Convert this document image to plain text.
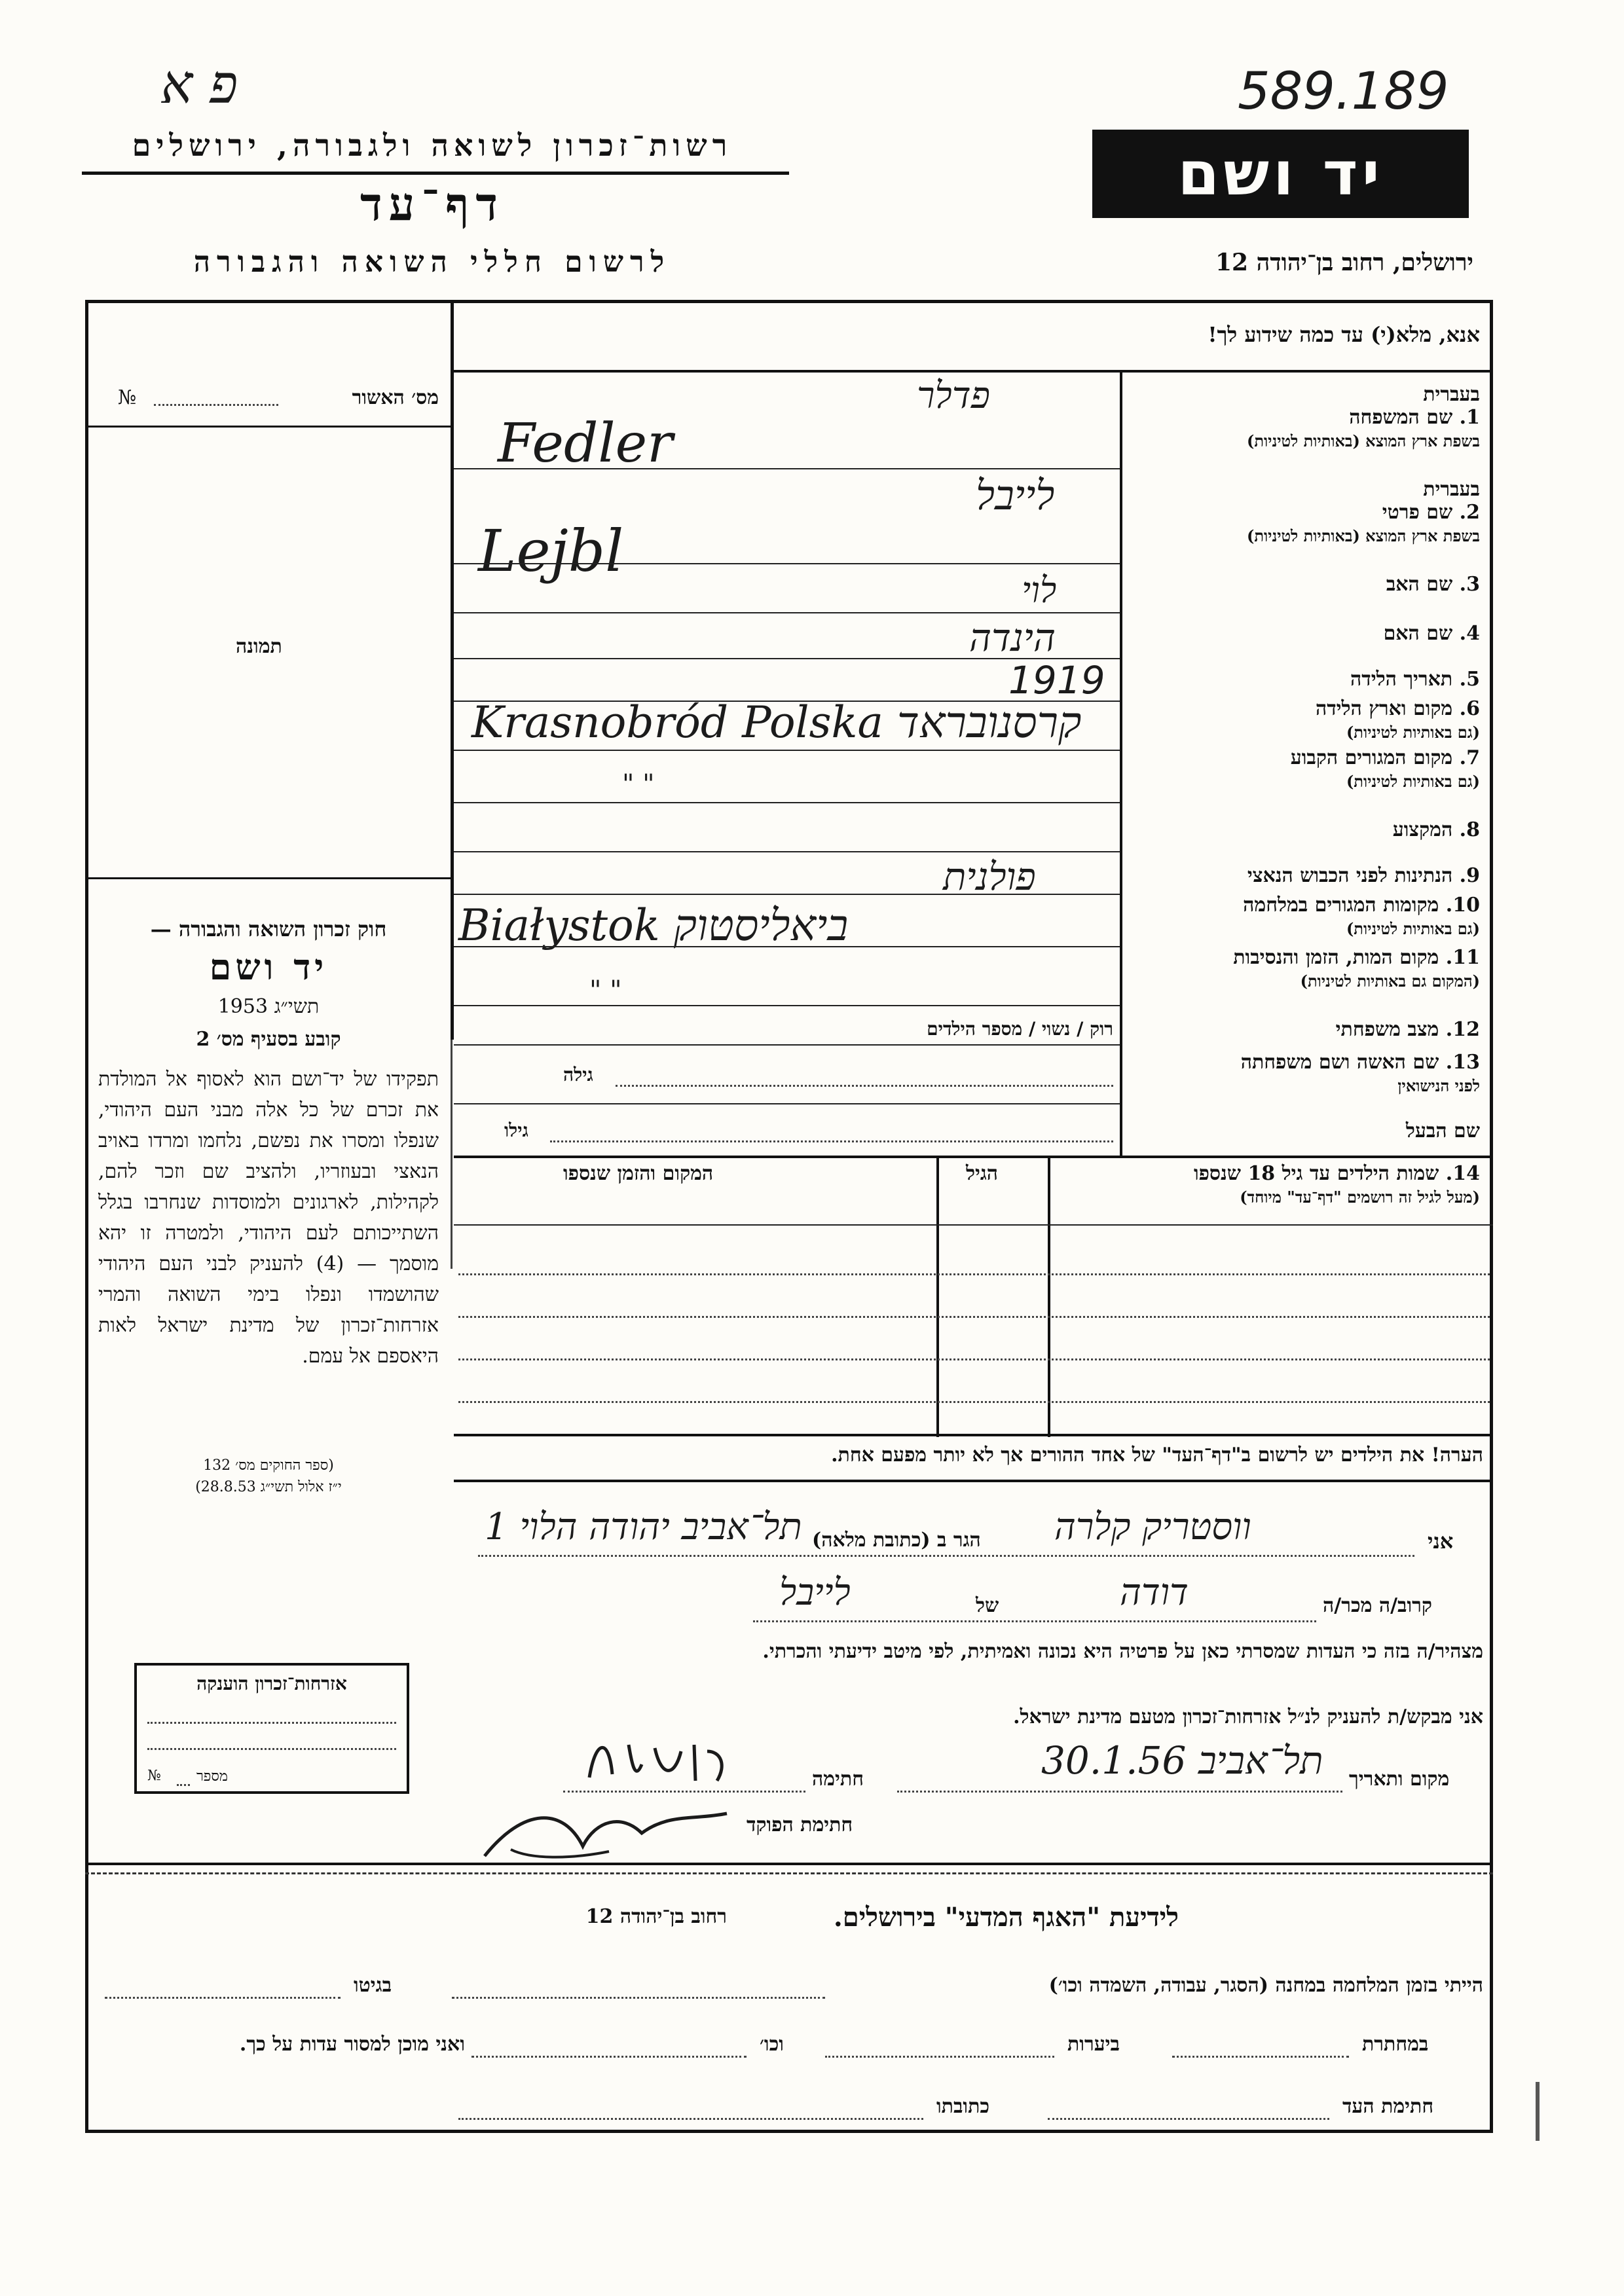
פ א	589.189
רשות־זכרון לשואה ולגבורה, ירושלים
דף־עד
לרשום חללי השואה והגבורה
יד ושם
ירושלים, רחוב בן־יהודה 12
אנא, מלא(י) עד כמה שידוע לך!
מס׳ האשור
№
תמונה
בעברית
1. שם המשפחה
בשפת ארץ המוצא (באותיות לטיניות)
פדלר
Fedler
בעברית
2. שם פרטי
בשפת ארץ המוצא (באותיות לטיניות)
לייבל
Lejbl	3. שם האב
לוי
4. שם האם
הינדה
5. תאריך הלידה
1919
6. מקום וארץ הלידה
(גם באותיות לטיניות)
Krasnobród Polska קרסנובראד
7. מקום המגורים הקבוע
(גם באותיות לטיניות)
" "
8. המקצוע
9. הנתינות לפני הכבוש הנאצי
פולנית
10. מקומות המגורים במלחמה
(גם באותיות לטיניות)
Białystok ביאליסטוק
11. מקום המות, הזמן והנסיבות
(המקום גם באותיות לטיניות)
" "
12. מצב משפחתי
רוק / נשוי / מספר הילדים
13. שם האשה ושם משפחתה
לפני הנישואין
גילה
שם הבעל
גילו
14. שמות הילדים עד גיל 18 שנספו
(מעל לגיל זה רושמים "דף־עד" מיוחד)
הגיל
המקום והזמן שנספו
הערה! את הילדים יש לרשום ב"דף־העד" של אחד ההורים אך לא יותר מפעם אחת.
חוק זכרון השואה והגבורה —
יד ושם
תשי״ג 1953
קובע בסעיף מס׳ 2
תפקידו של יד־ושם הוא לאסוף אל המולדת את זכרם של כל אלה מבני העם היהודי, שנפלו ומסרו את נפשם, נלחמו ומרדו באויב הנאצי ובעוזריו, ולהציב שם וזכר להם, לקהילות, לארגונים ולמוסדות שנחרבו בגלל השתייכותם לעם היהודי, ולמטרה זו יהא מוסמך — (4) להעניק לבני העם היהודי שהושמדו ונפלו בימי השואה והמרי אזרחות־זכרון של מדינת ישראל לאות היאספם אל עמם.
(ספר החוקים מס׳ 132
י״ז אלול תשי״ג 28.8.53)
אזרחות־זכרון הוענקה
מספר
№
אני
ווסטריק קלרה
הגר ב (כתובת מלאה)
תל־אביב יהודה הלוי 1
קרוב/ה מכר/ה
דודה
של
לייבל
מצהיר/ה בזה כי העדות שמסרתי כאן על פרטיה היא נכונה ואמיתית, לפי מיטב ידיעתי והכרתי.
אני מבקש/ת להעניק לנ״ל אזרחות־זכרון מטעם מדינת ישראל.
מקום ותאריך
תל־אביב 30.1.56
חתימה
חתימת הפוקד
לידיעת "האגף המדעי" בירושלים.
רחוב בן־יהודה 12
הייתי בזמן המלחמה במחנה (הסגר, עבודה, השמדה וכו׳)
בגיטו
במחתרת
ביערות
וכו׳
ואני מוכן למסור עדות על כך.
חתימת העד
כתובתו
